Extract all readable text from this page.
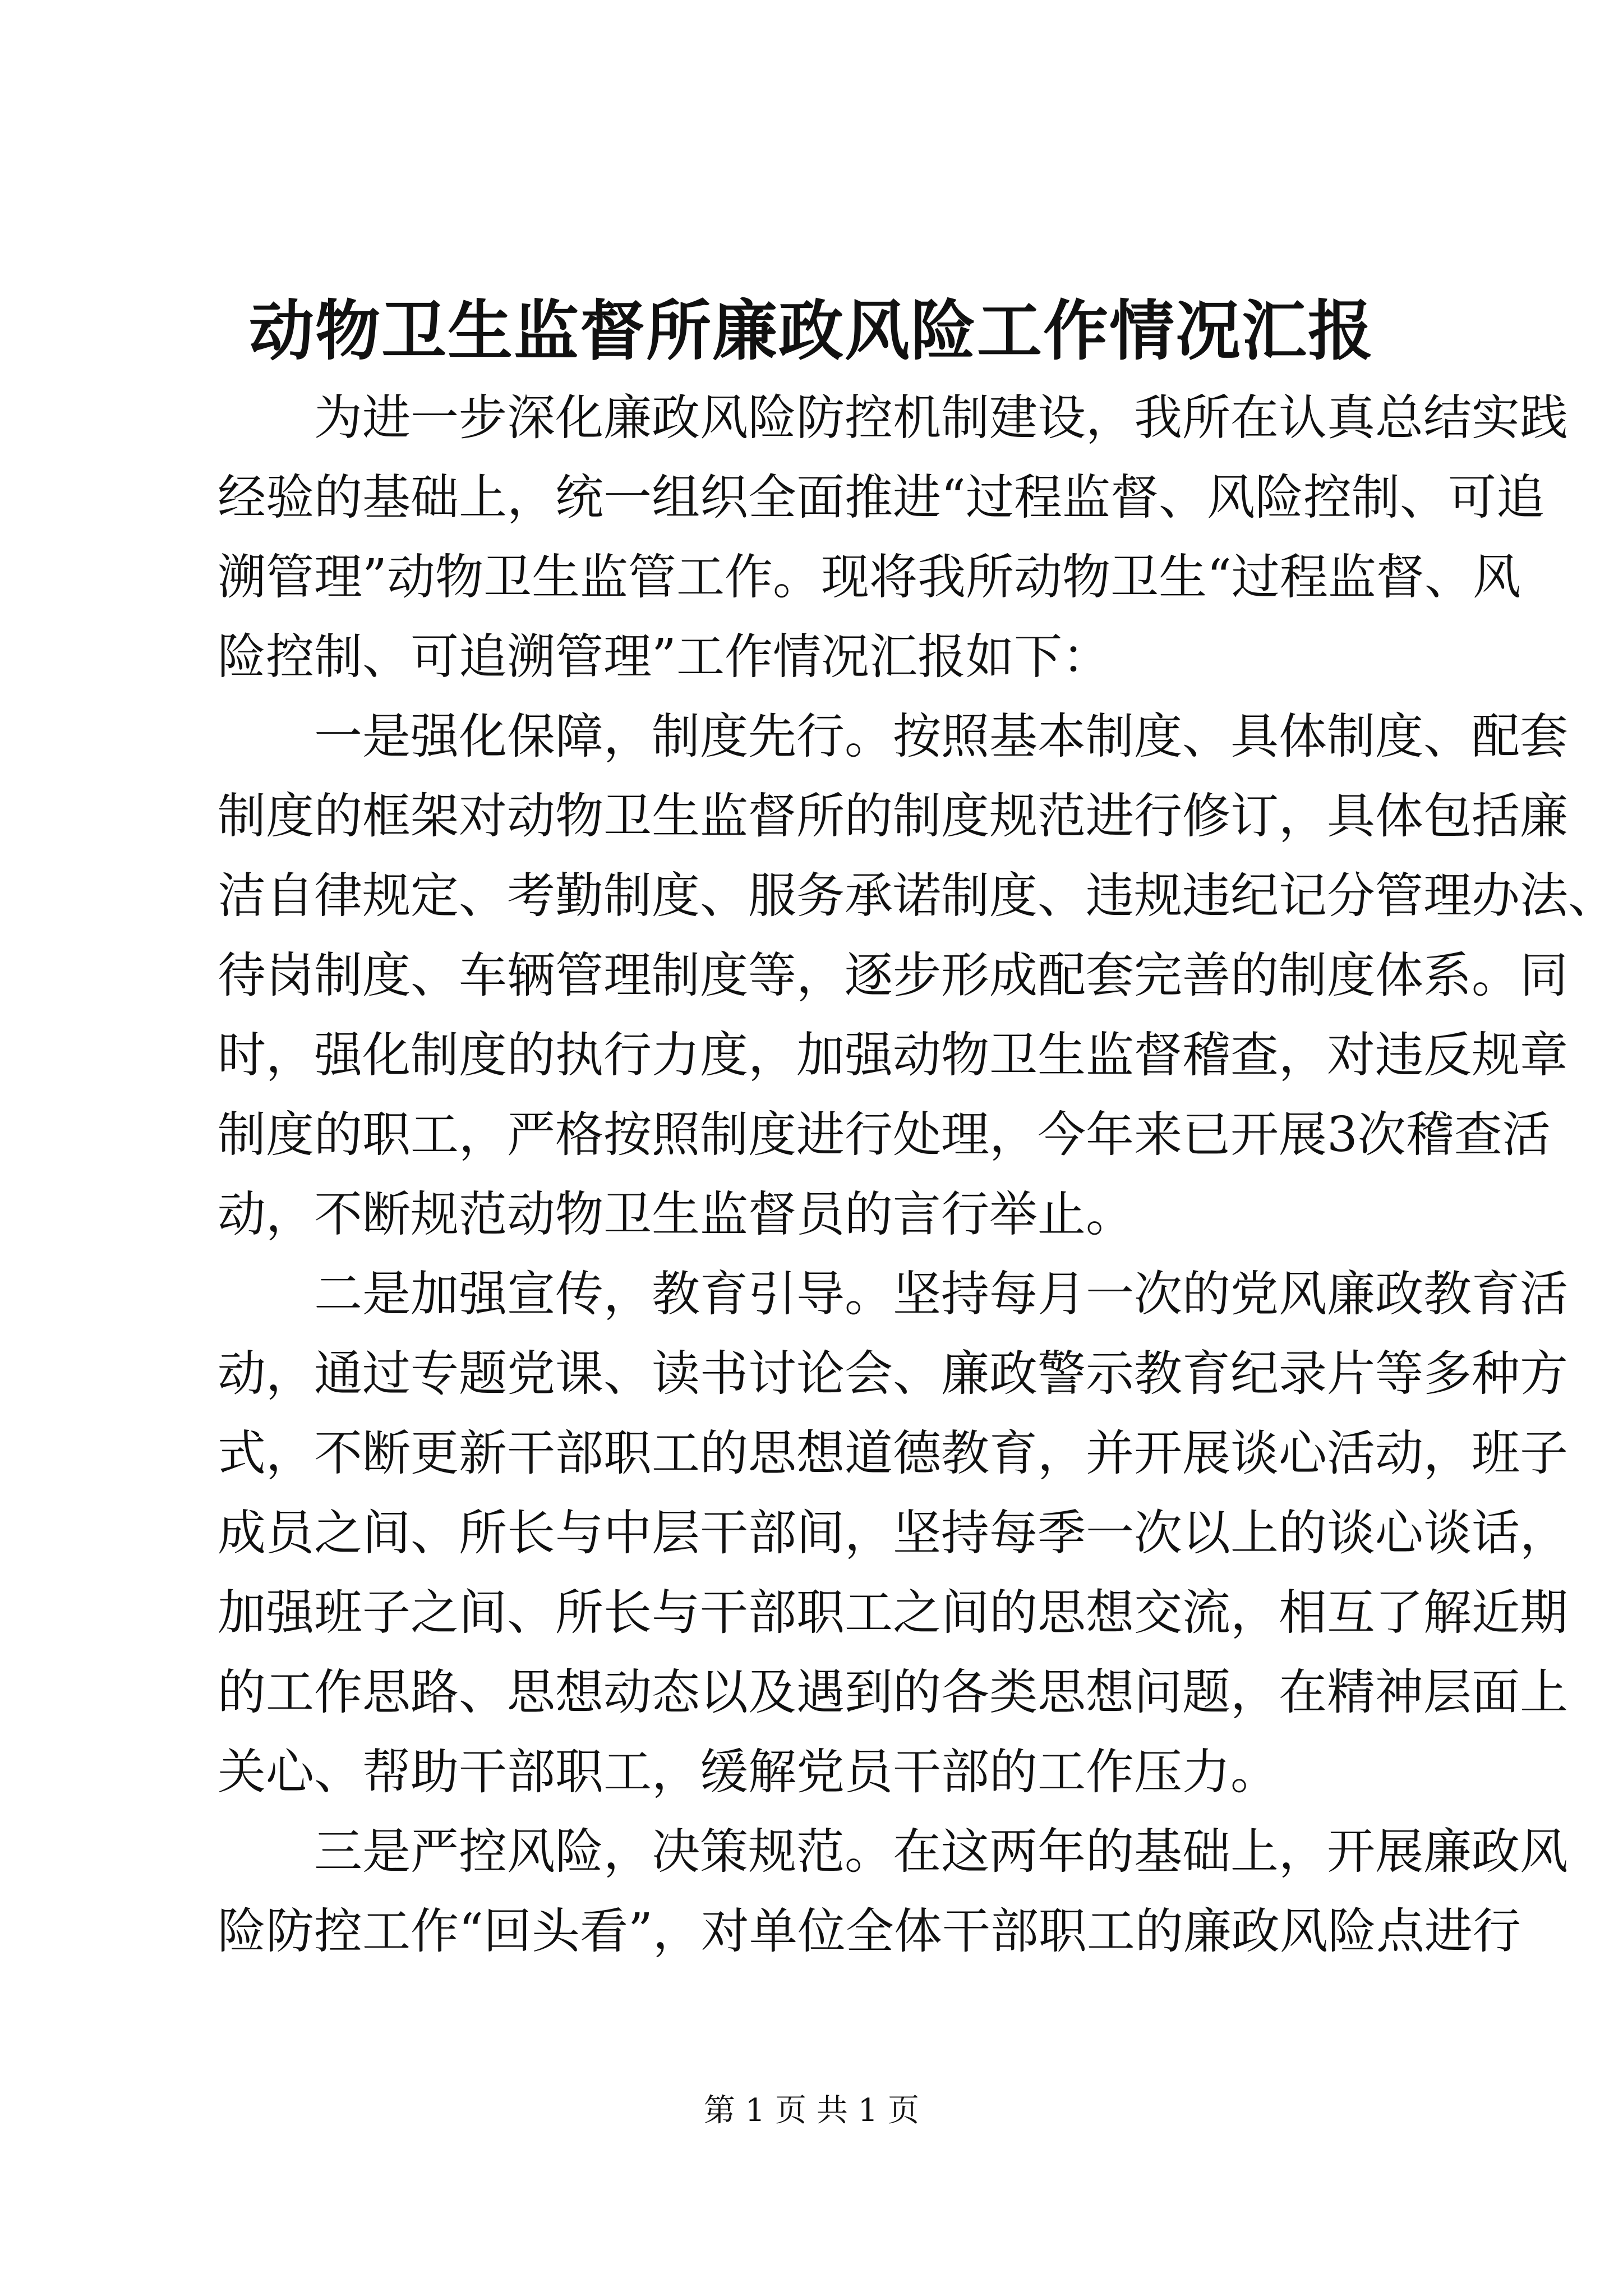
动物卫生监督所廉政风险工作情况汇报
为进一步深化廉政风险防控机制建设，我所在认真总结实践
经验的基础上，统一组织全面推进“过程监督、风险控制、可追
溯管理”动物卫生监管工作。现将我所动物卫生“过程监督、风
险控制、可追溯管理”工作情况汇报如下：
一是强化保障，制度先行。按照基本制度、具体制度、配套
制度的框架对动物卫生监督所的制度规范进行修订，具体包括廉
洁自律规定、考勤制度、服务承诺制度、违规违纪记分管理办法、
待岗制度、车辆管理制度等，逐步形成配套完善的制度体系。同
时，强化制度的执行力度，加强动物卫生监督稽查，对违反规章
制度的职工，严格按照制度进行处理，今年来已开展3次稽查活
动，不断规范动物卫生监督员的言行举止。
二是加强宣传，教育引导。坚持每月一次的党风廉政教育活
动，通过专题党课、读书讨论会、廉政警示教育纪录片等多种方
式，不断更新干部职工的思想道德教育，并开展谈心活动，班子
成员之间、所长与中层干部间，坚持每季一次以上的谈心谈话，
加强班子之间、所长与干部职工之间的思想交流，相互了解近期
的工作思路、思想动态以及遇到的各类思想问题，在精神层面上
关心、帮助干部职工，缓解党员干部的工作压力。
三是严控风险，决策规范。在这两年的基础上，开展廉政风
险防控工作“回头看”，对单位全体干部职工的廉政风险点进行
第 1 页 共 1 页
